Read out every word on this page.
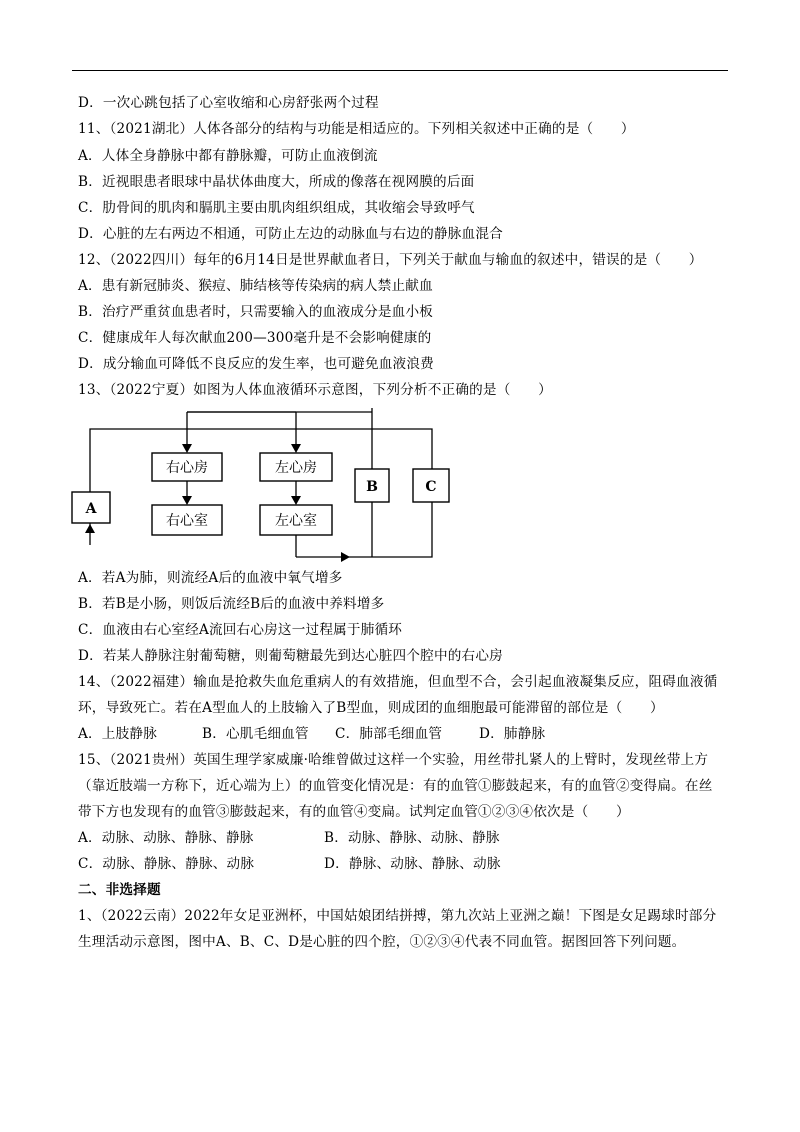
D．一次心跳包括了心室收缩和心房舒张两个过程
11、（2021湖北）人体各部分的结构与功能是相适应的。下列相关叙述中正确的是（　　）
A．人体全身静脉中都有静脉瓣，可防止血液倒流
B．近视眼患者眼球中晶状体曲度大，所成的像落在视网膜的后面
C．肋骨间的肌肉和膈肌主要由肌肉组织组成，其收缩会导致呼气
D．心脏的左右两边不相通，可防止左边的动脉血与右边的静脉血混合
12、（2022四川）每年的6月14日是世界献血者日，下列关于献血与输血的叙述中，错误的是（　　）
A．患有新冠肺炎、猴痘、肺结核等传染病的病人禁止献血
B．治疗严重贫血患者时，只需要输入的血液成分是血小板
C．健康成年人每次献血200—300毫升是不会影响健康的
D．成分输血可降低不良反应的发生率，也可避免血液浪费
13、（2022宁夏）如图为人体血液循环示意图，下列分析不正确的是（　　）
右心房	左心房
右心室	左心室
A
B	C
A．若A为肺，则流经A后的血液中氧气增多
B．若B是小肠，则饭后流经B后的血液中养料增多
C．血液由右心室经A流回右心房这一过程属于肺循环
D．若某人静脉注射葡萄糖，则葡萄糖最先到达心脏四个腔中的右心房
14、（2022福建）输血是抢救失血危重病人的有效措施，但血型不合，会引起血液凝集反应，阻碍血液循
环，导致死亡。若在A型血人的上肢输入了B型血，则成团的血细胞最可能滞留的部位是（　　）
A．上肢静脉	B．心肌毛细血管 C．肺部毛细血管	D．肺静脉
15、（2021贵州）英国生理学家威廉·哈维曾做过这样一个实验，用丝带扎紧人的上臂时，发现丝带上方
（靠近肢端一方称下，近心端为上）的血管变化情况是：有的血管①膨鼓起来，有的血管②变得扁。在丝
带下方也发现有的血管③膨鼓起来，有的血管④变扁。试判定血管①②③④依次是（　　）
A．动脉、动脉、静脉、静脉	B．动脉、静脉、动脉、静脉
C．动脉、静脉、静脉、动脉	D．静脉、动脉、静脉、动脉
二、非选择题
1、（2022云南）2022年女足亚洲杯，中国姑娘团结拼搏，第九次站上亚洲之巅！下图是女足踢球时部分
生理活动示意图，图中A、B、C、D是心脏的四个腔，①②③④代表不同血管。据图回答下列问题。
